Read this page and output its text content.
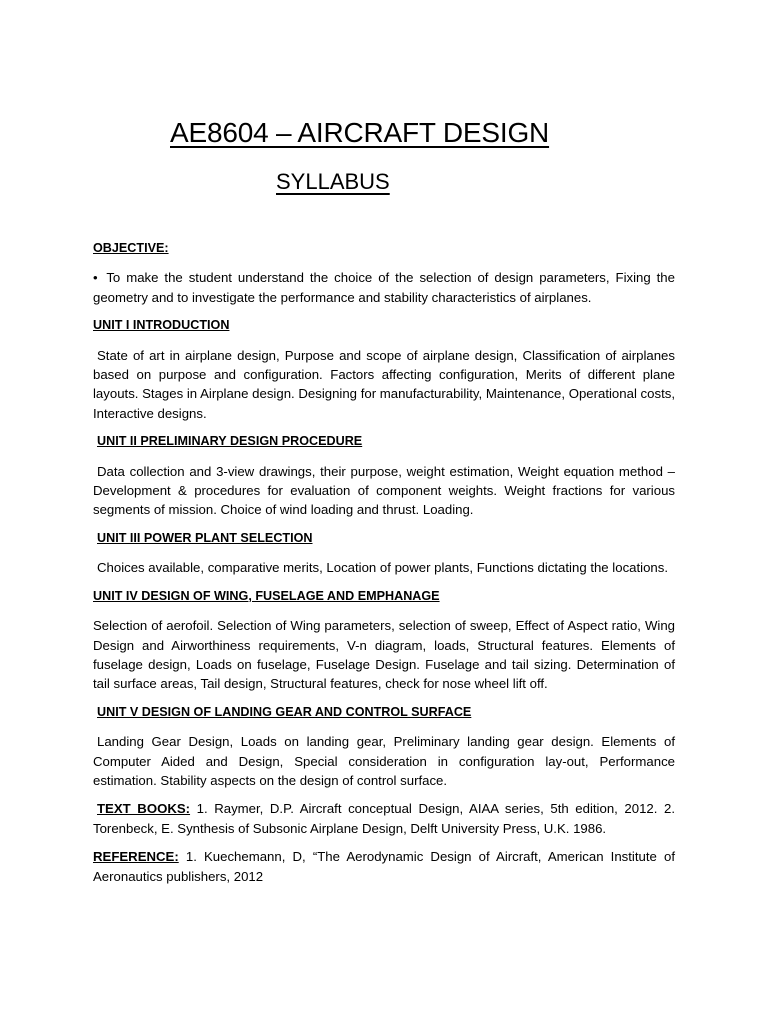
AE8604 – AIRCRAFT DESIGN
SYLLABUS
OBJECTIVE:

• To make the student understand the choice of the selection of design parameters, Fixing the geometry and to investigate the performance and stability characteristics of airplanes.

UNIT I INTRODUCTION

State of art in airplane design, Purpose and scope of airplane design, Classification of airplanes based on purpose and configuration. Factors affecting configuration, Merits of different plane layouts. Stages in Airplane design. Designing for manufacturability, Maintenance, Operational costs, Interactive designs.

UNIT II PRELIMINARY DESIGN PROCEDURE

Data collection and 3-view drawings, their purpose, weight estimation, Weight equation method – Development & procedures for evaluation of component weights. Weight fractions for various segments of mission. Choice of wind loading and thrust. Loading.

UNIT III POWER PLANT SELECTION

Choices available, comparative merits, Location of power plants, Functions dictating the locations.

UNIT IV DESIGN OF WING, FUSELAGE AND EMPHANAGE

Selection of aerofoil. Selection of Wing parameters, selection of sweep, Effect of Aspect ratio, Wing Design and Airworthiness requirements, V-n diagram, loads, Structural features. Elements of fuselage design, Loads on fuselage, Fuselage Design. Fuselage and tail sizing. Determination of tail surface areas, Tail design, Structural features, check for nose wheel lift off.

UNIT V DESIGN OF LANDING GEAR AND CONTROL SURFACE

Landing Gear Design, Loads on landing gear, Preliminary landing gear design. Elements of Computer Aided and Design, Special consideration in configuration lay-out, Performance estimation. Stability aspects on the design of control surface.

TEXT BOOKS: 1. Raymer, D.P. Aircraft conceptual Design, AIAA series, 5th edition, 2012. 2. Torenbeck, E. Synthesis of Subsonic Airplane Design, Delft University Press, U.K. 1986.

REFERENCE: 1. Kuechemann, D, “The Aerodynamic Design of Aircraft, American Institute of Aeronautics publishers, 2012
